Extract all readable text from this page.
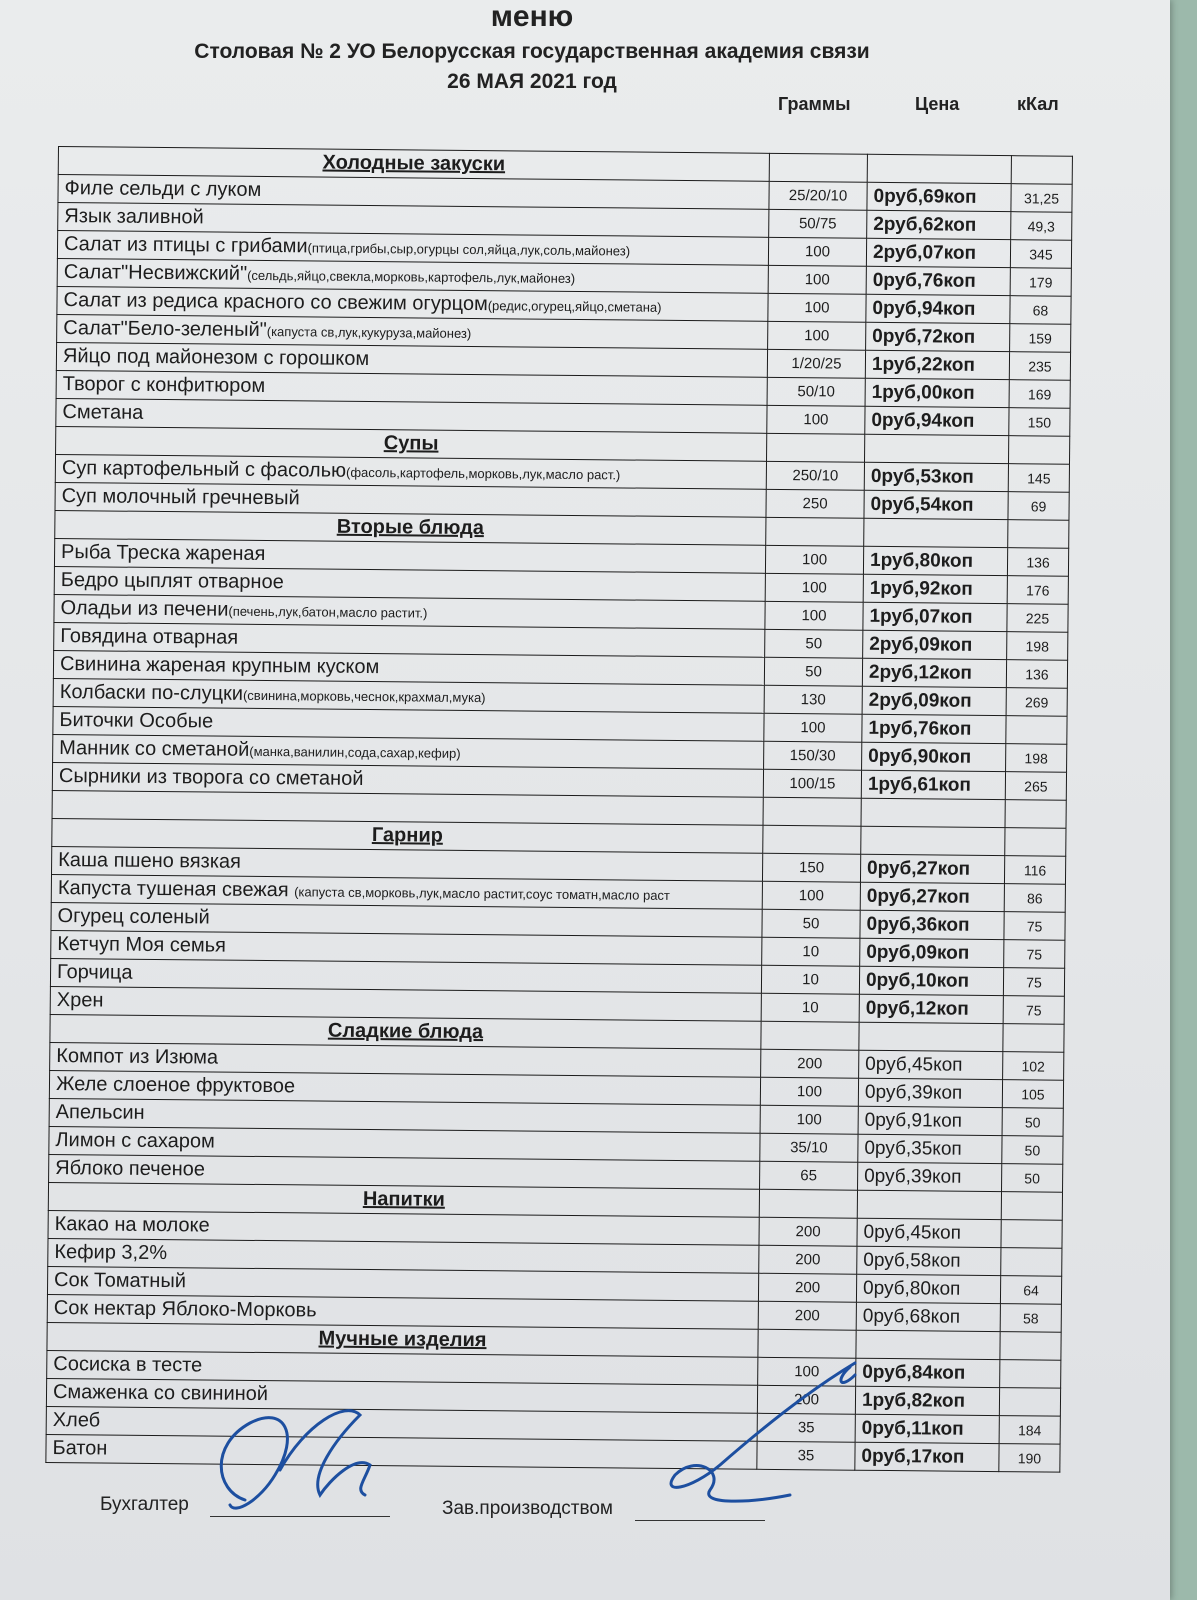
меню
Столовая № 2 УО Белорусская государственная академия связи
26 МАЯ 2021 год
Граммы	Цена	кКал
Холодные закуски			
Филе сельди с луком	25/20/10	0руб,69коп	31,25
Язык заливной	50/75	2руб,62коп	49,3
Салат из птицы с грибами(птица,грибы,сыр,огурцы сол,яйца,лук,соль,майонез)	100	2руб,07коп	345
Салат"Несвижский"(сельдь,яйцо,свекла,морковь,картофель,лук,майонез)	100	0руб,76коп	179
Салат из редиса красного со свежим огурцом(редис,огурец,яйцо,сметана)	100	0руб,94коп	68
Салат"Бело-зеленый"(капуста св,лук,кукуруза,майонез)	100	0руб,72коп	159
Яйцо под майонезом с горошком	1/20/25	1руб,22коп	235
Творог с конфитюром	50/10	1руб,00коп	169
Сметана	100	0руб,94коп	150
Супы			
Суп картофельный с фасолью(фасоль,картофель,морковь,лук,масло раст.)	250/10	0руб,53коп	145
Суп молочный гречневый	250	0руб,54коп	69
Вторые блюда			
Рыба Треска жареная	100	1руб,80коп	136
Бедро цыплят отварное	100	1руб,92коп	176
Оладьи из печени(печень,лук,батон,масло растит.)	100	1руб,07коп	225
Говядина отварная	50	2руб,09коп	198
Свинина жареная крупным куском	50	2руб,12коп	136
Колбаски по-слуцки(свинина,морковь,чеснок,крахмал,мука)	130	2руб,09коп	269
Биточки Особые	100	1руб,76коп	
Манник со сметаной(манка,ванилин,сода,сахар,кефир)	150/30	0руб,90коп	198
Сырники из творога со сметаной	100/15	1руб,61коп	265

Гарнир			
Каша пшено вязкая	150	0руб,27коп	116
Капуста тушеная свежая (капуста св,морковь,лук,масло растит,соус томатн,масло раст	100	0руб,27коп	86
Огурец соленый	50	0руб,36коп	75
Кетчуп Моя семья	10	0руб,09коп	75
Горчица	10	0руб,10коп	75
Хрен	10	0руб,12коп	75
Сладкие блюда			
Компот из Изюма	200	0руб,45коп	102
Желе слоеное фруктовое	100	0руб,39коп	105
Апельсин	100	0руб,91коп	50
Лимон с сахаром	35/10	0руб,35коп	50
Яблоко печеное	65	0руб,39коп	50
Напитки			
Какао на молоке	200	0руб,45коп	
Кефир 3,2%	200	0руб,58коп	
Сок Томатный	200	0руб,80коп	64
Сок нектар Яблоко-Морковь	200	0руб,68коп	58
Мучные изделия			
Сосиска в тесте	100	0руб,84коп	
Смаженка со свининой	200	1руб,82коп	
Хлеб	35	0руб,11коп	184
Батон	35	0руб,17коп	190
Бухгалтер	Зав.производством
